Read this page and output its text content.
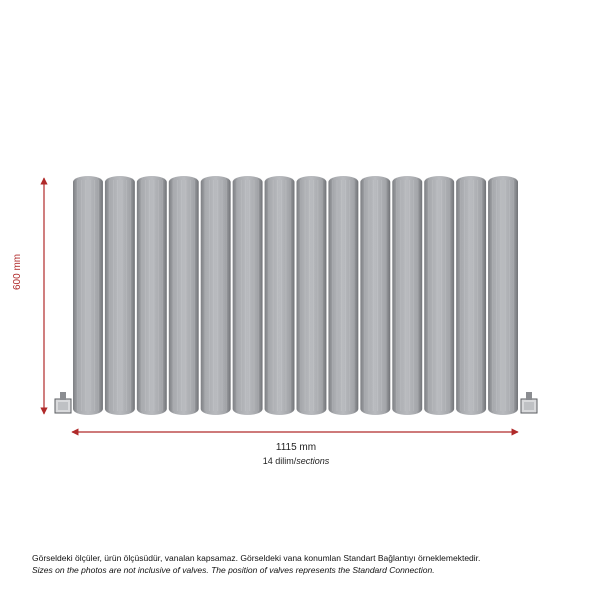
600 mm
1115 mm
14 dilim/sections
Görseldeki ölçüler, ürün ölçüsüdür, vanalan kapsamaz. Görseldeki vana konumlan Standart Bağlantıyı örneklemektedir.
Sizes on the photos are not inclusive of valves. The position of valves represents the Standard Connection.
